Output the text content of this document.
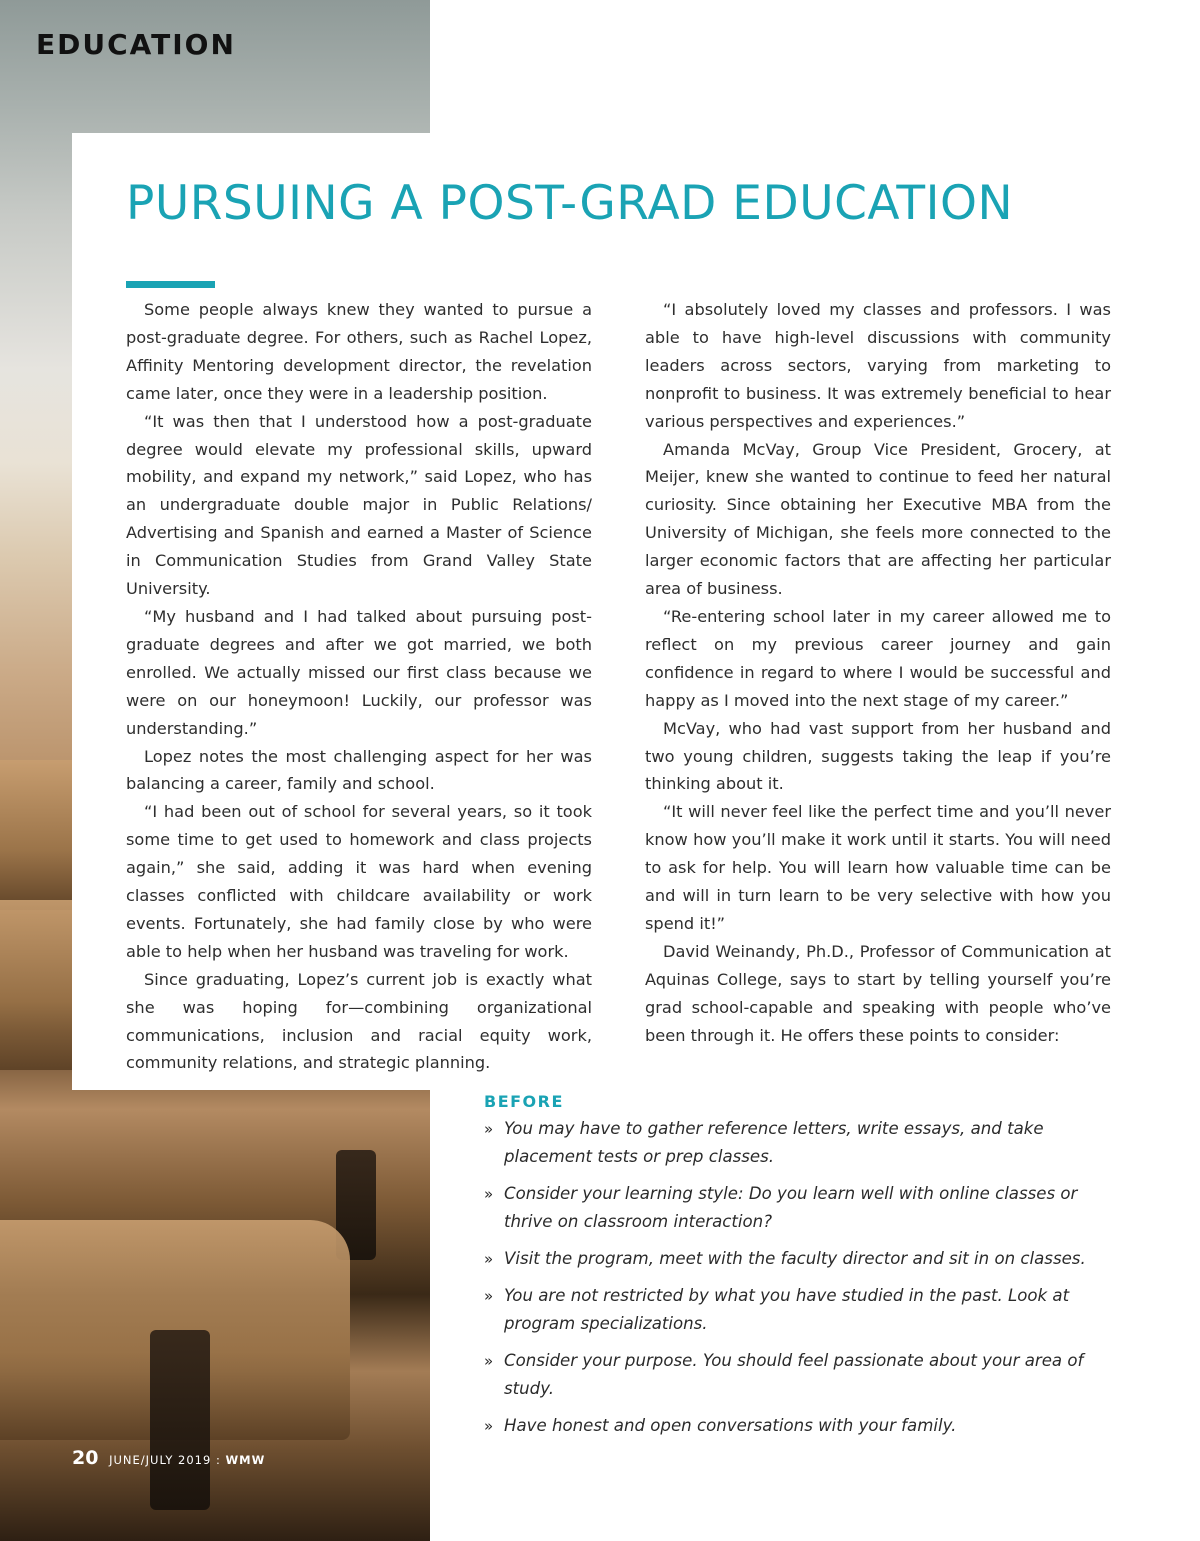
EDUCATION
PURSUING A POST-GRAD EDUCATION

Some people always knew they wanted to pursue a post-graduate degree. For others, such as Rachel Lopez, Affinity Mentoring development director, the revelation came later, once they were in a leadership position.

“It was then that I understood how a post-graduate degree would elevate my professional skills, upward mobility, and expand my network,” said Lopez, who has an undergraduate double major in Public Relations/ Advertising and Spanish and earned a Master of Science in Communication Studies from Grand Valley State University.

“My husband and I had talked about pursuing post-graduate degrees and after we got married, we both enrolled. We actually missed our first class because we were on our honeymoon! Luckily, our professor was understanding.”

Lopez notes the most challenging aspect for her was balancing a career, family and school.

“I had been out of school for several years, so it took some time to get used to homework and class projects again,” she said, adding it was hard when evening classes conflicted with childcare availability or work events. Fortunately, she had family close by who were able to help when her husband was traveling for work.

Since graduating, Lopez’s current job is exactly what she was hoping for—combining organizational communications, inclusion and racial equity work, community relations, and strategic planning.

“I absolutely loved my classes and professors. I was able to have high-level discussions with community leaders across sectors, varying from marketing to nonprofit to business. It was extremely beneficial to hear various perspectives and experiences.”

Amanda McVay, Group Vice President, Grocery, at Meijer, knew she wanted to continue to feed her natural curiosity. Since obtaining her Executive MBA from the University of Michigan, she feels more connected to the larger economic factors that are affecting her particular area of business.

“Re-entering school later in my career allowed me to reflect on my previous career journey and gain confidence in regard to where I would be successful and happy as I moved into the next stage of my career.”

McVay, who had vast support from her husband and two young children, suggests taking the leap if you’re thinking about it.

“It will never feel like the perfect time and you’ll never know how you’ll make it work until it starts. You will need to ask for help. You will learn how valuable time can be and will in turn learn to be very selective with how you spend it!”

David Weinandy, Ph.D., Professor of Communication at Aquinas College, says to start by telling yourself you’re grad school-capable and speaking with people who’ve been through it. He offers these points to consider:

BEFORE
» You may have to gather reference letters, write essays, and take placement tests or prep classes.
» Consider your learning style: Do you learn well with online classes or thrive on classroom interaction?
» Visit the program, meet with the faculty director and sit in on classes.
» You are not restricted by what you have studied in the past. Look at program specializations.
» Consider your purpose. You should feel passionate about your area of study.
» Have honest and open conversations with your family.
20 JUNE/JULY 2019 : WMW
